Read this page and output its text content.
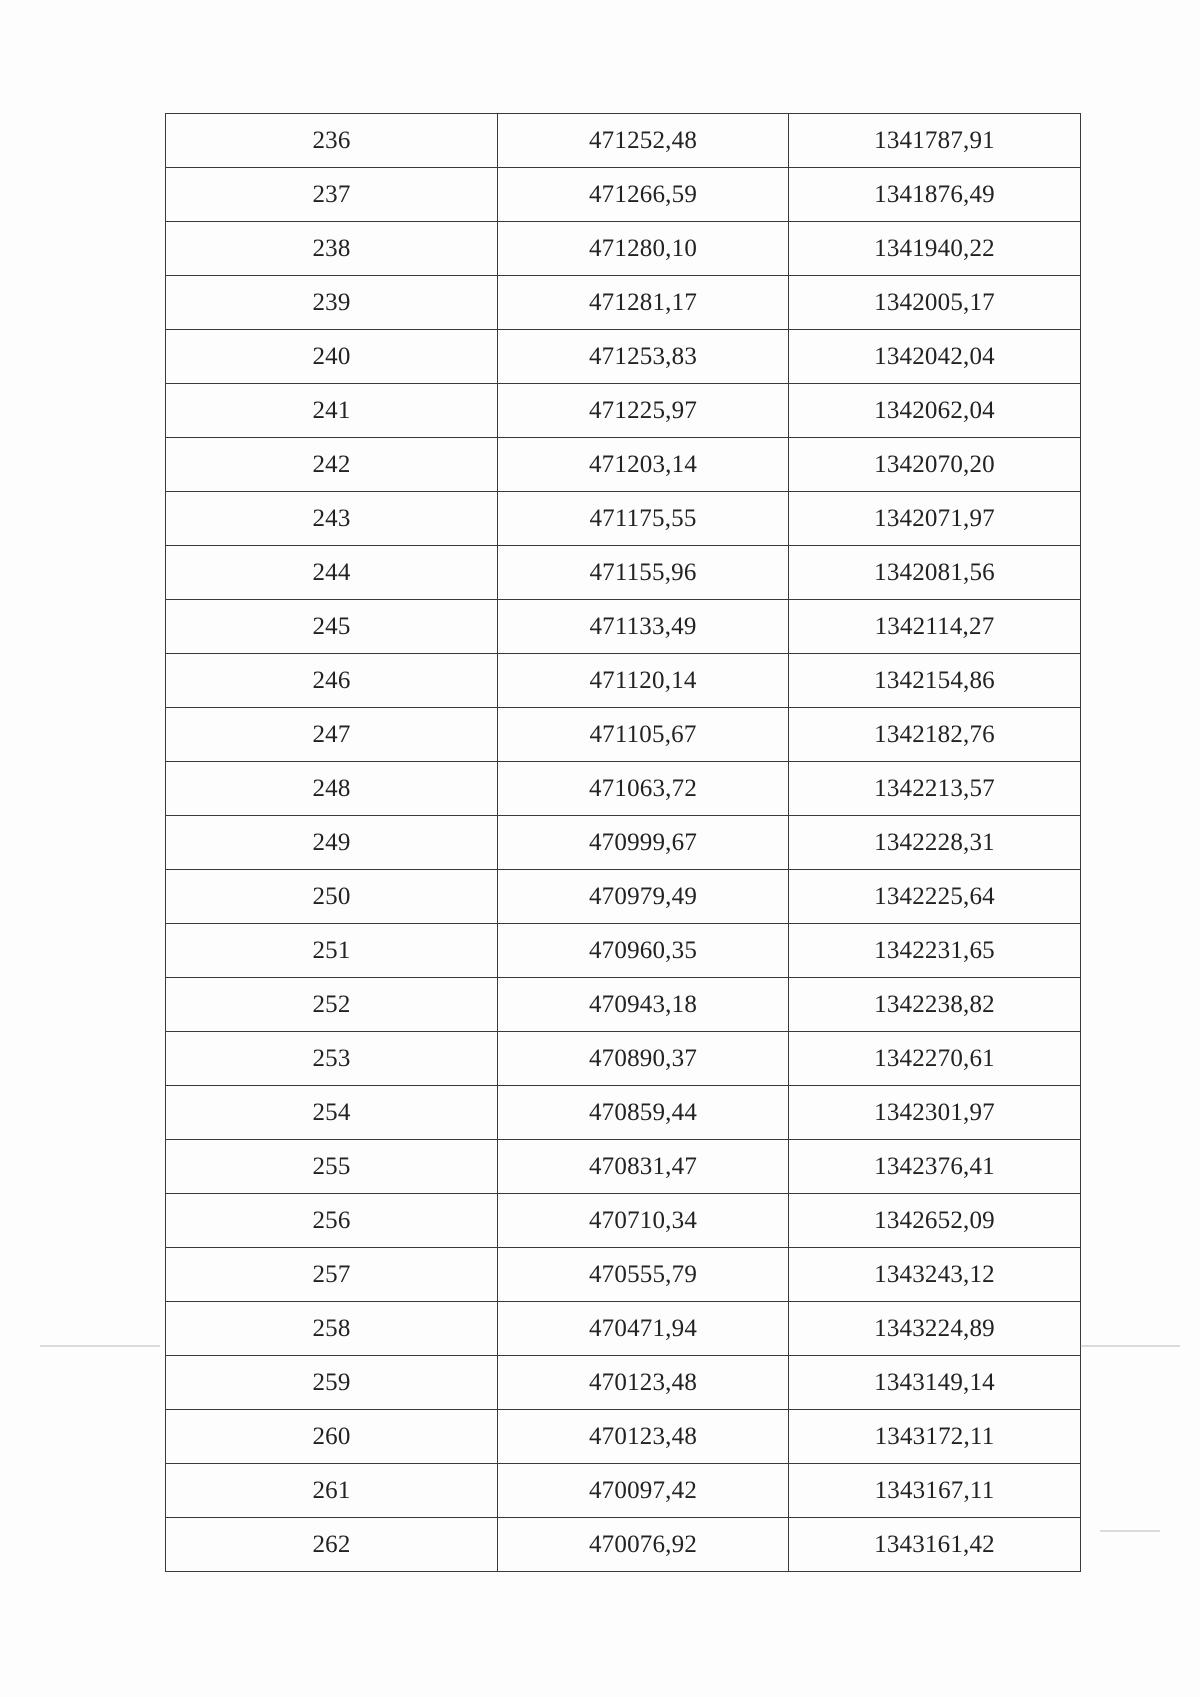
236	471252,48	1341787,91
237	471266,59	1341876,49
238	471280,10	1341940,22
239	471281,17	1342005,17
240	471253,83	1342042,04
241	471225,97	1342062,04
242	471203,14	1342070,20
243	471175,55	1342071,97
244	471155,96	1342081,56
245	471133,49	1342114,27
246	471120,14	1342154,86
247	471105,67	1342182,76
248	471063,72	1342213,57
249	470999,67	1342228,31
250	470979,49	1342225,64
251	470960,35	1342231,65
252	470943,18	1342238,82
253	470890,37	1342270,61
254	470859,44	1342301,97
255	470831,47	1342376,41
256	470710,34	1342652,09
257	470555,79	1343243,12
258	470471,94	1343224,89
259	470123,48	1343149,14
260	470123,48	1343172,11
261	470097,42	1343167,11
262	470076,92	1343161,42
